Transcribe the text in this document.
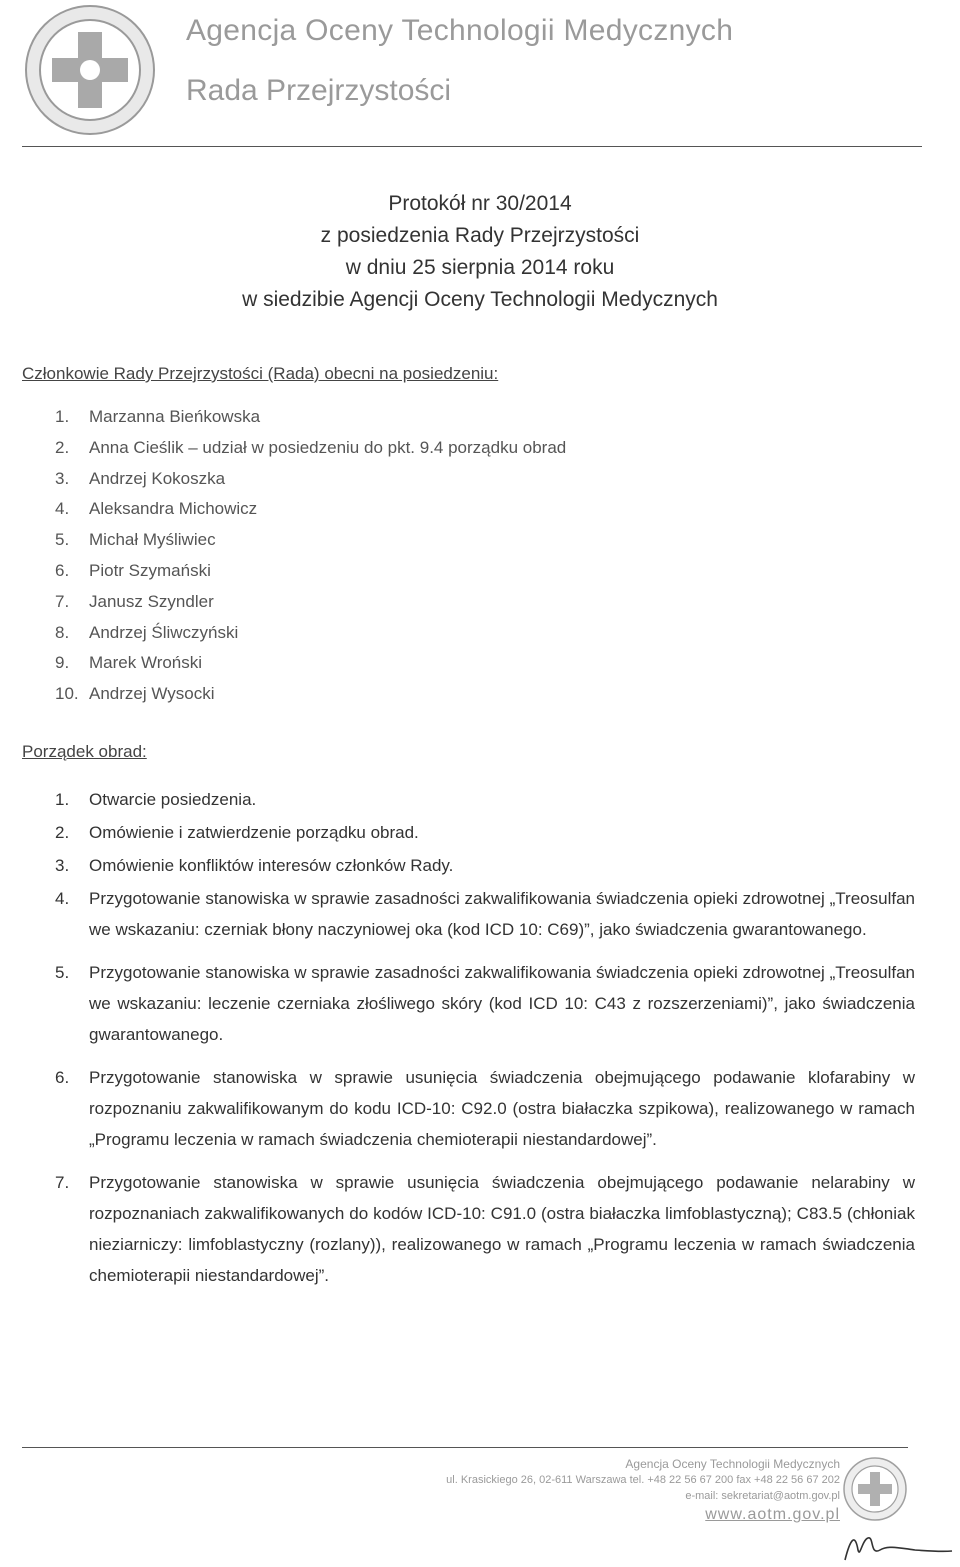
Agencja Oceny Technologii Medycznych
Rada Przejrzystości
Protokół nr 30/2014
z posiedzenia Rady Przejrzystości
w dniu 25 sierpnia 2014 roku
w siedzibie Agencji Oceny Technologii Medycznych
Członkowie Rady Przejrzystości (Rada) obecni na posiedzeniu:
1. Marzanna Bieńkowska
2. Anna Cieślik – udział w posiedzeniu do pkt. 9.4 porządku obrad
3. Andrzej Kokoszka
4. Aleksandra Michowicz
5. Michał Myśliwiec
6. Piotr Szymański
7. Janusz Szyndler
8. Andrzej Śliwczyński
9. Marek Wroński
10. Andrzej Wysocki
Porządek obrad:
1. Otwarcie posiedzenia.
2. Omówienie i zatwierdzenie porządku obrad.
3. Omówienie konfliktów interesów członków Rady.
4. Przygotowanie stanowiska w sprawie zasadności zakwalifikowania świadczenia opieki zdrowotnej „Treosulfan we wskazaniu: czerniak błony naczyniowej oka (kod ICD 10: C69)”, jako świadczenia gwarantowanego.
5. Przygotowanie stanowiska w sprawie zasadności zakwalifikowania świadczenia opieki zdrowotnej „Treosulfan we wskazaniu: leczenie czerniaka złośliwego skóry (kod ICD 10: C43 z rozszerzeniami)”, jako świadczenia gwarantowanego.
6. Przygotowanie stanowiska w sprawie usunięcia świadczenia obejmującego podawanie klofarabiny w rozpoznaniu zakwalifikowanym do kodu ICD-10: C92.0 (ostra białaczka szpikowa), realizowanego w ramach „Programu leczenia w ramach świadczenia chemioterapii niestandardowej”.
7. Przygotowanie stanowiska w sprawie usunięcia świadczenia obejmującego podawanie nelarabiny w rozpoznaniach zakwalifikowanych do kodów ICD-10: C91.0 (ostra białaczka limfoblastyczną); C83.5 (chłoniak nieziarniczy: limfoblastyczny (rozlany)), realizowanego w ramach „Programu leczenia w ramach świadczenia chemioterapii niestandardowej”.
Agencja Oceny Technologii Medycznych
ul. Krasickiego 26, 02-611 Warszawa tel. +48 22 56 67 200 fax +48 22 56 67 202
e-mail: sekretariat@aotm.gov.pl
www.aotm.gov.pl
